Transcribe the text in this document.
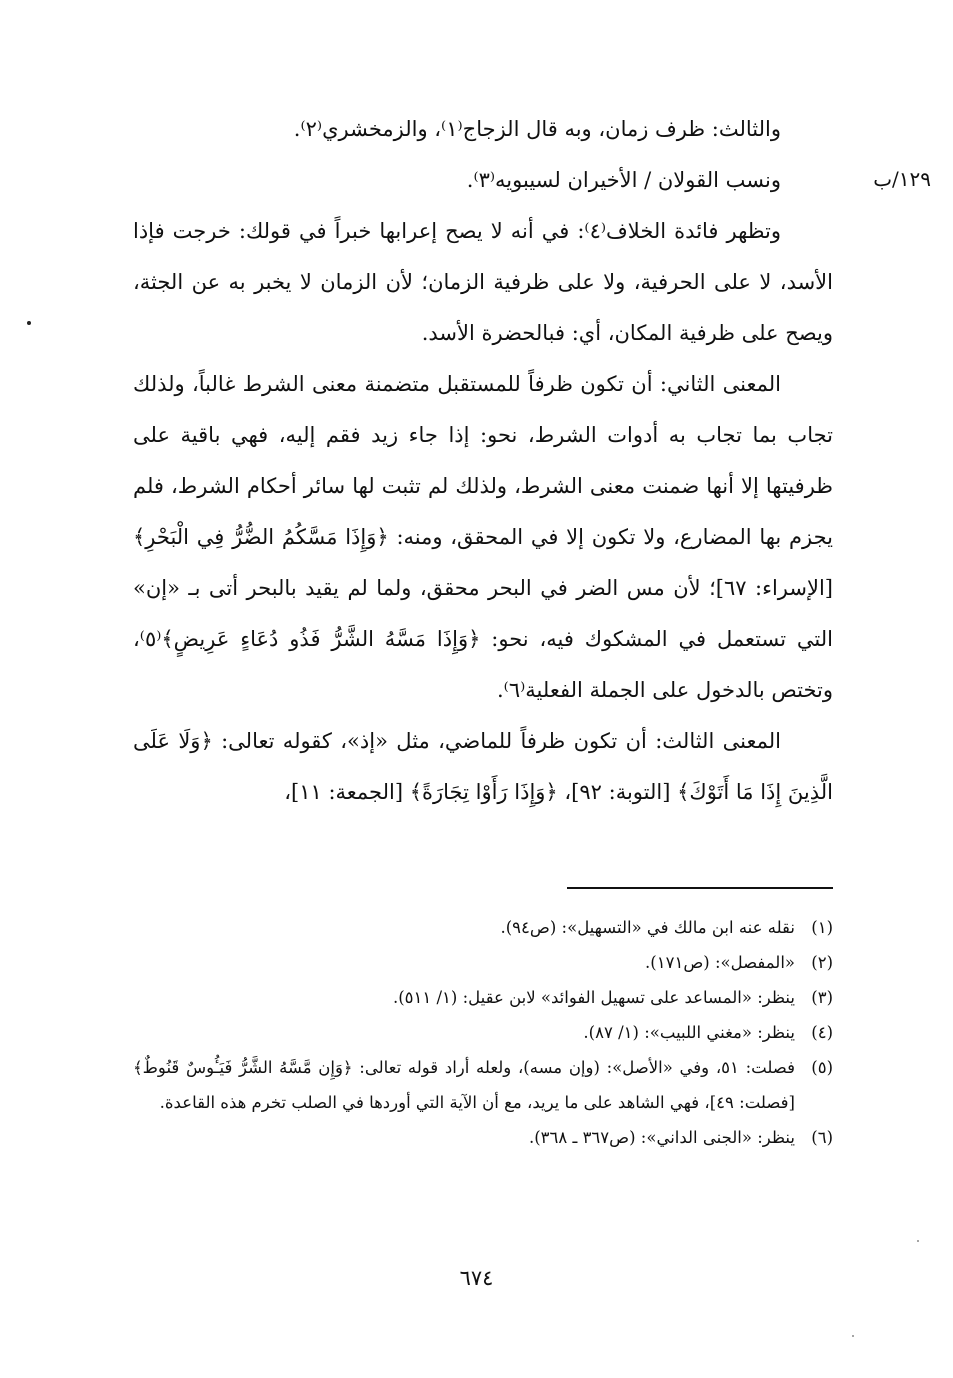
١٢٩/ب

والثالث: ظرف زمان، وبه قال الزجاج⁽١⁾، والزمخشري⁽٢⁾.

ونسب القولان / الأخيران لسيبويه⁽٣⁾.

وتظهر فائدة الخلاف⁽٤⁾: في أنه لا يصح إعرابها خبراً في قولك: خرجت فإذا الأسد، لا على الحرفية، ولا على ظرفية الزمان؛ لأن الزمان لا يخبر به عن الجثة، ويصح على ظرفية المكان، أي: فبالحضرة الأسد.

المعنى الثاني: أن تكون ظرفاً للمستقبل متضمنة معنى الشرط غالباً، ولذلك تجاب بما تجاب به أدوات الشرط، نحو: إذا جاء زيد فقم إليه، فهي باقية على ظرفيتها إلا أنها ضمنت معنى الشرط، ولذلك لم تثبت لها سائر أحكام الشرط، فلم يجزم بها المضارع، ولا تكون إلا في المحقق، ومنه: ﴿وَإِذَا مَسَّكُمُ الضُّرُّ فِي الْبَحْرِ﴾ [الإسراء: ٦٧]؛ لأن مس الضر في البحر محقق، ولما لم يقيد بالبحر أتى بـ «إن» التي تستعمل في المشكوك فيه، نحو: ﴿وَإِذَا مَسَّهُ الشَّرُّ فَذُو دُعَاءٍ عَرِيضٍ﴾⁽٥⁾، وتختص بالدخول على الجملة الفعلية⁽٦⁾.

المعنى الثالث: أن تكون ظرفاً للماضي، مثل «إذ»، كقوله تعالى: ﴿وَلَا عَلَى الَّذِينَ إِذَا مَا أَتَوْكَ﴾ [التوبة: ٩٢]، ﴿وَإِذَا رَأَوْا تِجَارَةً﴾ [الجمعة: ١١]،

(١)
نقله عنه ابن مالك في «التسهيل»: (ص٩٤).
(٢)
«المفصل»: (ص١٧١).
(٣)
ينظر: «المساعد على تسهيل الفوائد» لابن عقيل: (١/ ٥١١).
(٤)
ينظر: «مغني اللبيب»: (١/ ٨٧).
(٥)
فصلت: ٥١، وفي «الأصل»: (وإن مسه)، ولعله أراد قوله تعالى: ﴿وَإِن مَّسَّهُ الشَّرُّ فَيَـُٔوسٌ قَنُوطٌ﴾ [فصلت: ٤٩]، فهي الشاهد على ما يريد، مع أن الآية التي أوردها في الصلب تخرم هذه القاعدة.
(٦)
ينظر: «الجنى الداني»: (ص٣٦٧ ـ ٣٦٨).
٦٧٤
